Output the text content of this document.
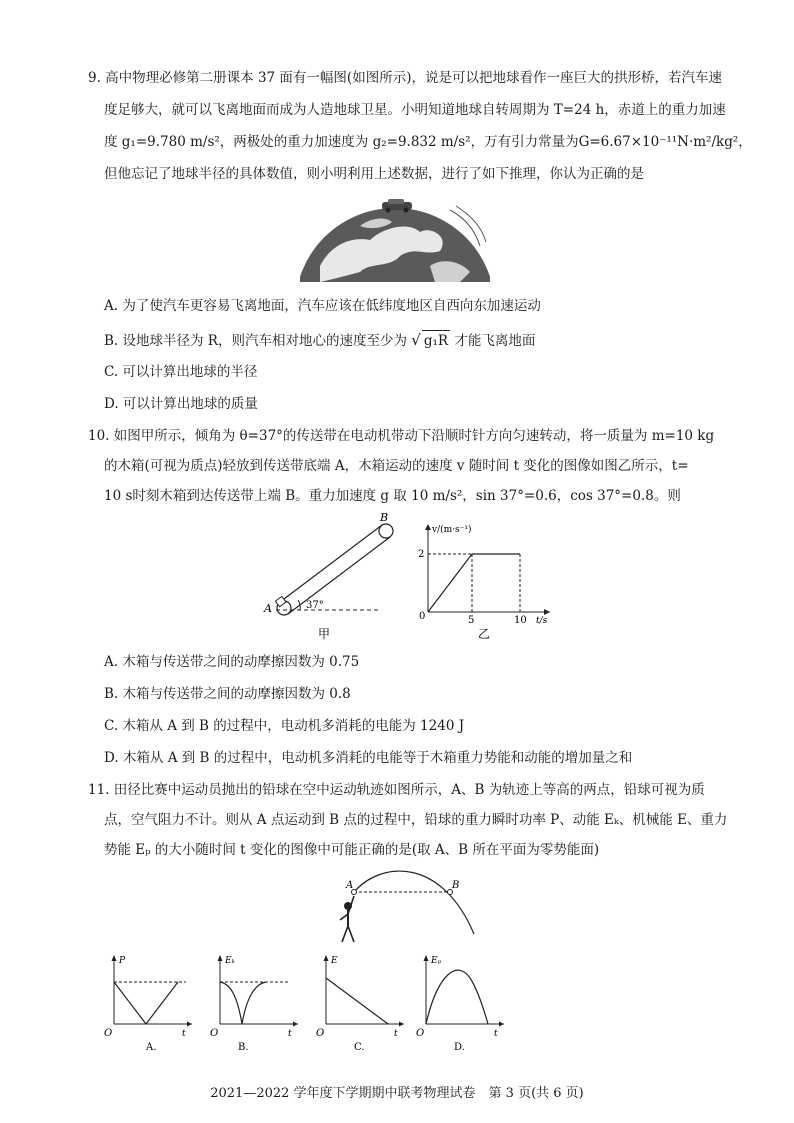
9. 高中物理必修第二册课本 37 面有一幅图(如图所示)，说是可以把地球看作一座巨大的拱形桥，若汽车速
度足够大，就可以飞离地面而成为人造地球卫星。小明知道地球自转周期为 T=24 h，赤道上的重力加速
度 g₁=9.780 m/s²，两极处的重力加速度为 g₂=9.832 m/s²，万有引力常量为G=6.67×10⁻¹¹N·m²/kg²，
但他忘记了地球半径的具体数值，则小明利用上述数据，进行了如下推理，你认为正确的是
A. 为了使汽车更容易飞离地面，汽车应该在低纬度地区自西向东加速运动
B. 设地球半径为 R，则汽车相对地心的速度至少为 √ g₁R 才能飞离地面
C. 可以计算出地球的半径
D. 可以计算出地球的质量
10. 如图甲所示，倾角为 θ=37°的传送带在电动机带动下沿顺时针方向匀速转动，将一质量为 m=10 kg
的木箱(可视为质点)轻放到传送带底端 A，木箱运动的速度 v 随时间 t 变化的图像如图乙所示，t=
10 s时刻木箱到达传送带上端 B。重力加速度 g 取 10 m/s²，sin 37°=0.6，cos 37°=0.8。则
B
A	37°
甲
v/(m·s⁻¹)
2
0	5	10 t/s
乙
A. 木箱与传送带之间的动摩擦因数为 0.75
B. 木箱与传送带之间的动摩擦因数为 0.8
C. 木箱从 A 到 B 的过程中，电动机多消耗的电能为 1240 J
D. 木箱从 A 到 B 的过程中，电动机多消耗的电能等于木箱重力势能和动能的增加量之和
11. 田径比赛中运动员抛出的铅球在空中运动轨迹如图所示，A、B 为轨迹上等高的两点，铅球可视为质
点，空气阻力不计。则从 A 点运动到 B 点的过程中，铅球的重力瞬时功率 P、动能 Eₖ、机械能 E、重力
势能 Eₚ 的大小随时间 t 变化的图像中可能正确的是(取 A、B 所在平面为零势能面)
A	B
P
t
O
A.
Eₖ
t
O
B.
E
t
O
C.
Eₚ
t
O
D.
2021—2022 学年度下学期期中联考物理试卷　第 3 页(共 6 页)
